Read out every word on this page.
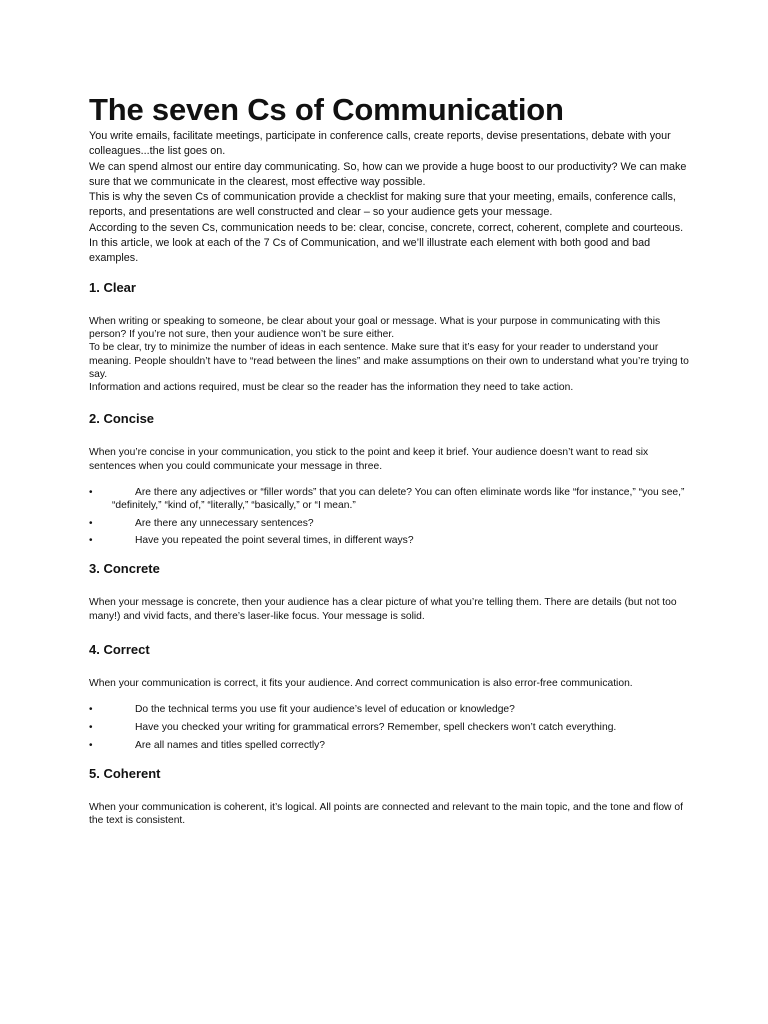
The seven Cs of Communication

You write emails, facilitate meetings, participate in conference calls, create reports, devise presentations, debate with your colleagues...the list goes on.

We can spend almost our entire day communicating. So, how can we provide a huge boost to our productivity? We can make sure that we communicate in the clearest, most effective way possible.

This is why the seven Cs of communication provide a checklist for making sure that your meeting, emails, conference calls, reports, and presentations are well constructed and clear – so your audience gets your message.

According to the seven Cs, communication needs to be: clear, concise, concrete, correct, coherent, complete and courteous.

In this article, we look at each of the 7 Cs of Communication, and we’ll illustrate each element with both good and bad examples.

1. Clear

When writing or speaking to someone, be clear about your goal or message. What is your purpose in communicating with this person? If you’re not sure, then your audience won’t be sure either.

To be clear, try to minimize the number of ideas in each sentence. Make sure that it’s easy for your reader to understand your meaning. People shouldn’t have to “read between the lines” and make assumptions on their own to understand what you’re trying to say.

Information and actions required, must be clear so the reader has the information they need to take action.

2. Concise

When you’re concise in your communication, you stick to the point and keep it brief. Your audience doesn’t want to read six sentences when you could communicate your message in three.

•	Are there any adjectives or “filler words” that you can delete? You can often eliminate words like “for instance,” “you see,” “definitely,” “kind of,” “literally,” “basically,” or “I mean.”
•	Are there any unnecessary sentences?
•	Have you repeated the point several times, in different ways?
3. Concrete

When your message is concrete, then your audience has a clear picture of what you’re telling them. There are details (but not too many!) and vivid facts, and there’s laser-like focus. Your message is solid.

4. Correct

When your communication is correct, it fits your audience. And correct communication is also error-free communication.

•	Do the technical terms you use fit your audience’s level of education or knowledge?
•	Have you checked your writing for grammatical errors? Remember, spell checkers won’t catch everything.
•	Are all names and titles spelled correctly?
5. Coherent

When your communication is coherent, it’s logical. All points are connected and relevant to the main topic, and the tone and flow of the text is consistent.
